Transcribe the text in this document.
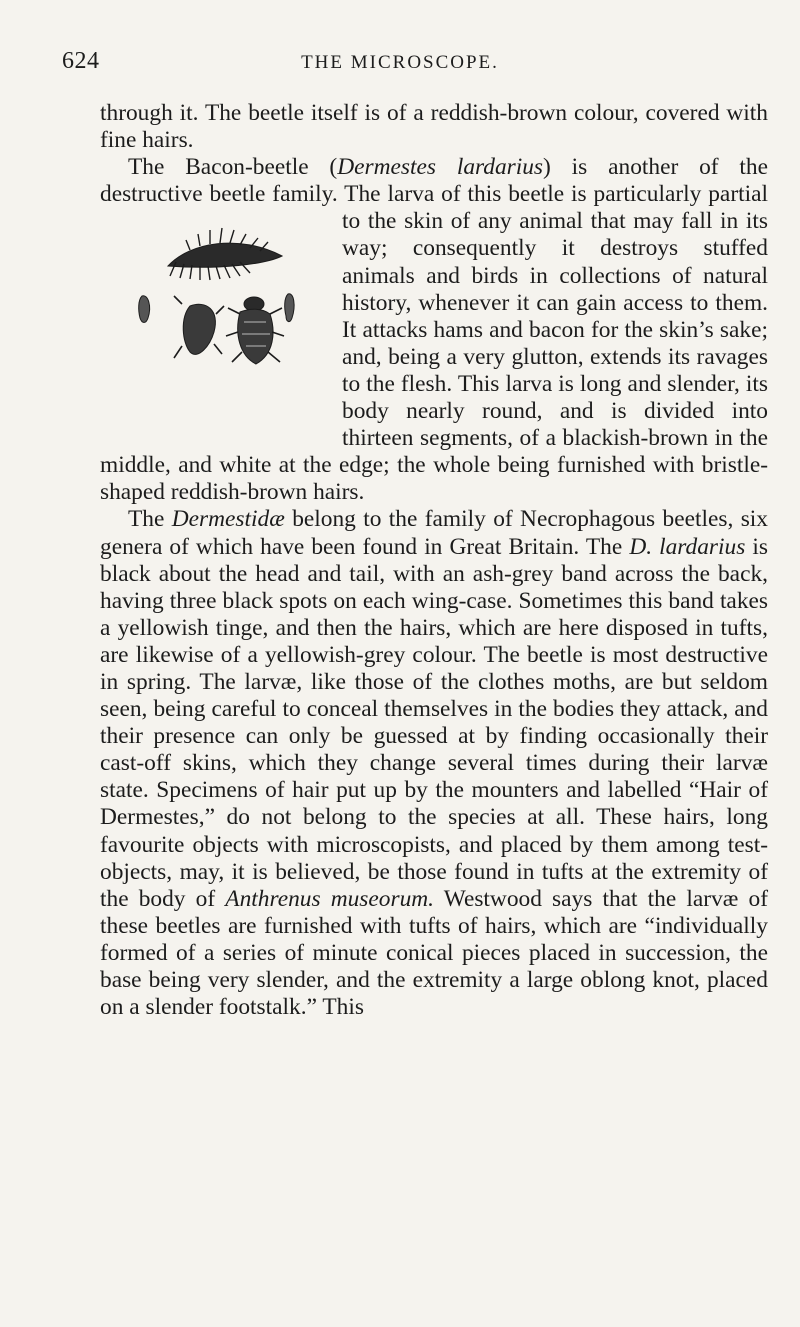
624	THE MICROSCOPE.

through it. The beetle itself is of a reddish-brown colour, covered with fine hairs.

The Bacon-beetle (Dermestes lardarius) is another of the destructive beetle family. The larva of this beetle is
particularly partial to the skin of any animal that may fall in its way; consequently it destroys stuffed animals and birds in collections of natural history, whenever it can gain access to them. It attacks hams and bacon for the skin’s sake; and, being a very glutton, extends its ravages to the flesh. This larva is long and slender, its body nearly round, and is divided into thirteen segments, of a blackish-brown in the middle, and white at the edge; the whole being furnished with bristle-shaped reddish-brown hairs.

The Dermestidæ belong to the family of Necrophagous beetles, six genera of which have been found in Great Britain. The D. lardarius is black about the head and tail, with an ash-grey band across the back, having three black spots on each wing-case. Sometimes this band takes a yellowish tinge, and then the hairs, which are here disposed in tufts, are likewise of a yellowish-grey colour. The beetle is most destructive in spring. The larvæ, like those of the clothes moths, are but seldom seen, being careful to conceal themselves in the bodies they attack, and their presence can only be guessed at by finding occasionally their cast-off skins, which they change several times during their larvæ state. Specimens of hair put up by the mounters and labelled “Hair of Dermestes,” do not belong to the species at all. These hairs, long favourite objects with microscopists, and placed by them among test-objects, may, it is believed, be those found in tufts at the extremity of the body of Anthrenus museorum. Westwood says that the larvæ of these beetles are furnished with tufts of hairs, which are “individually formed of a series of minute conical pieces placed in succession, the base being very slender, and the extremity a large oblong knot, placed on a slender footstalk.” This
